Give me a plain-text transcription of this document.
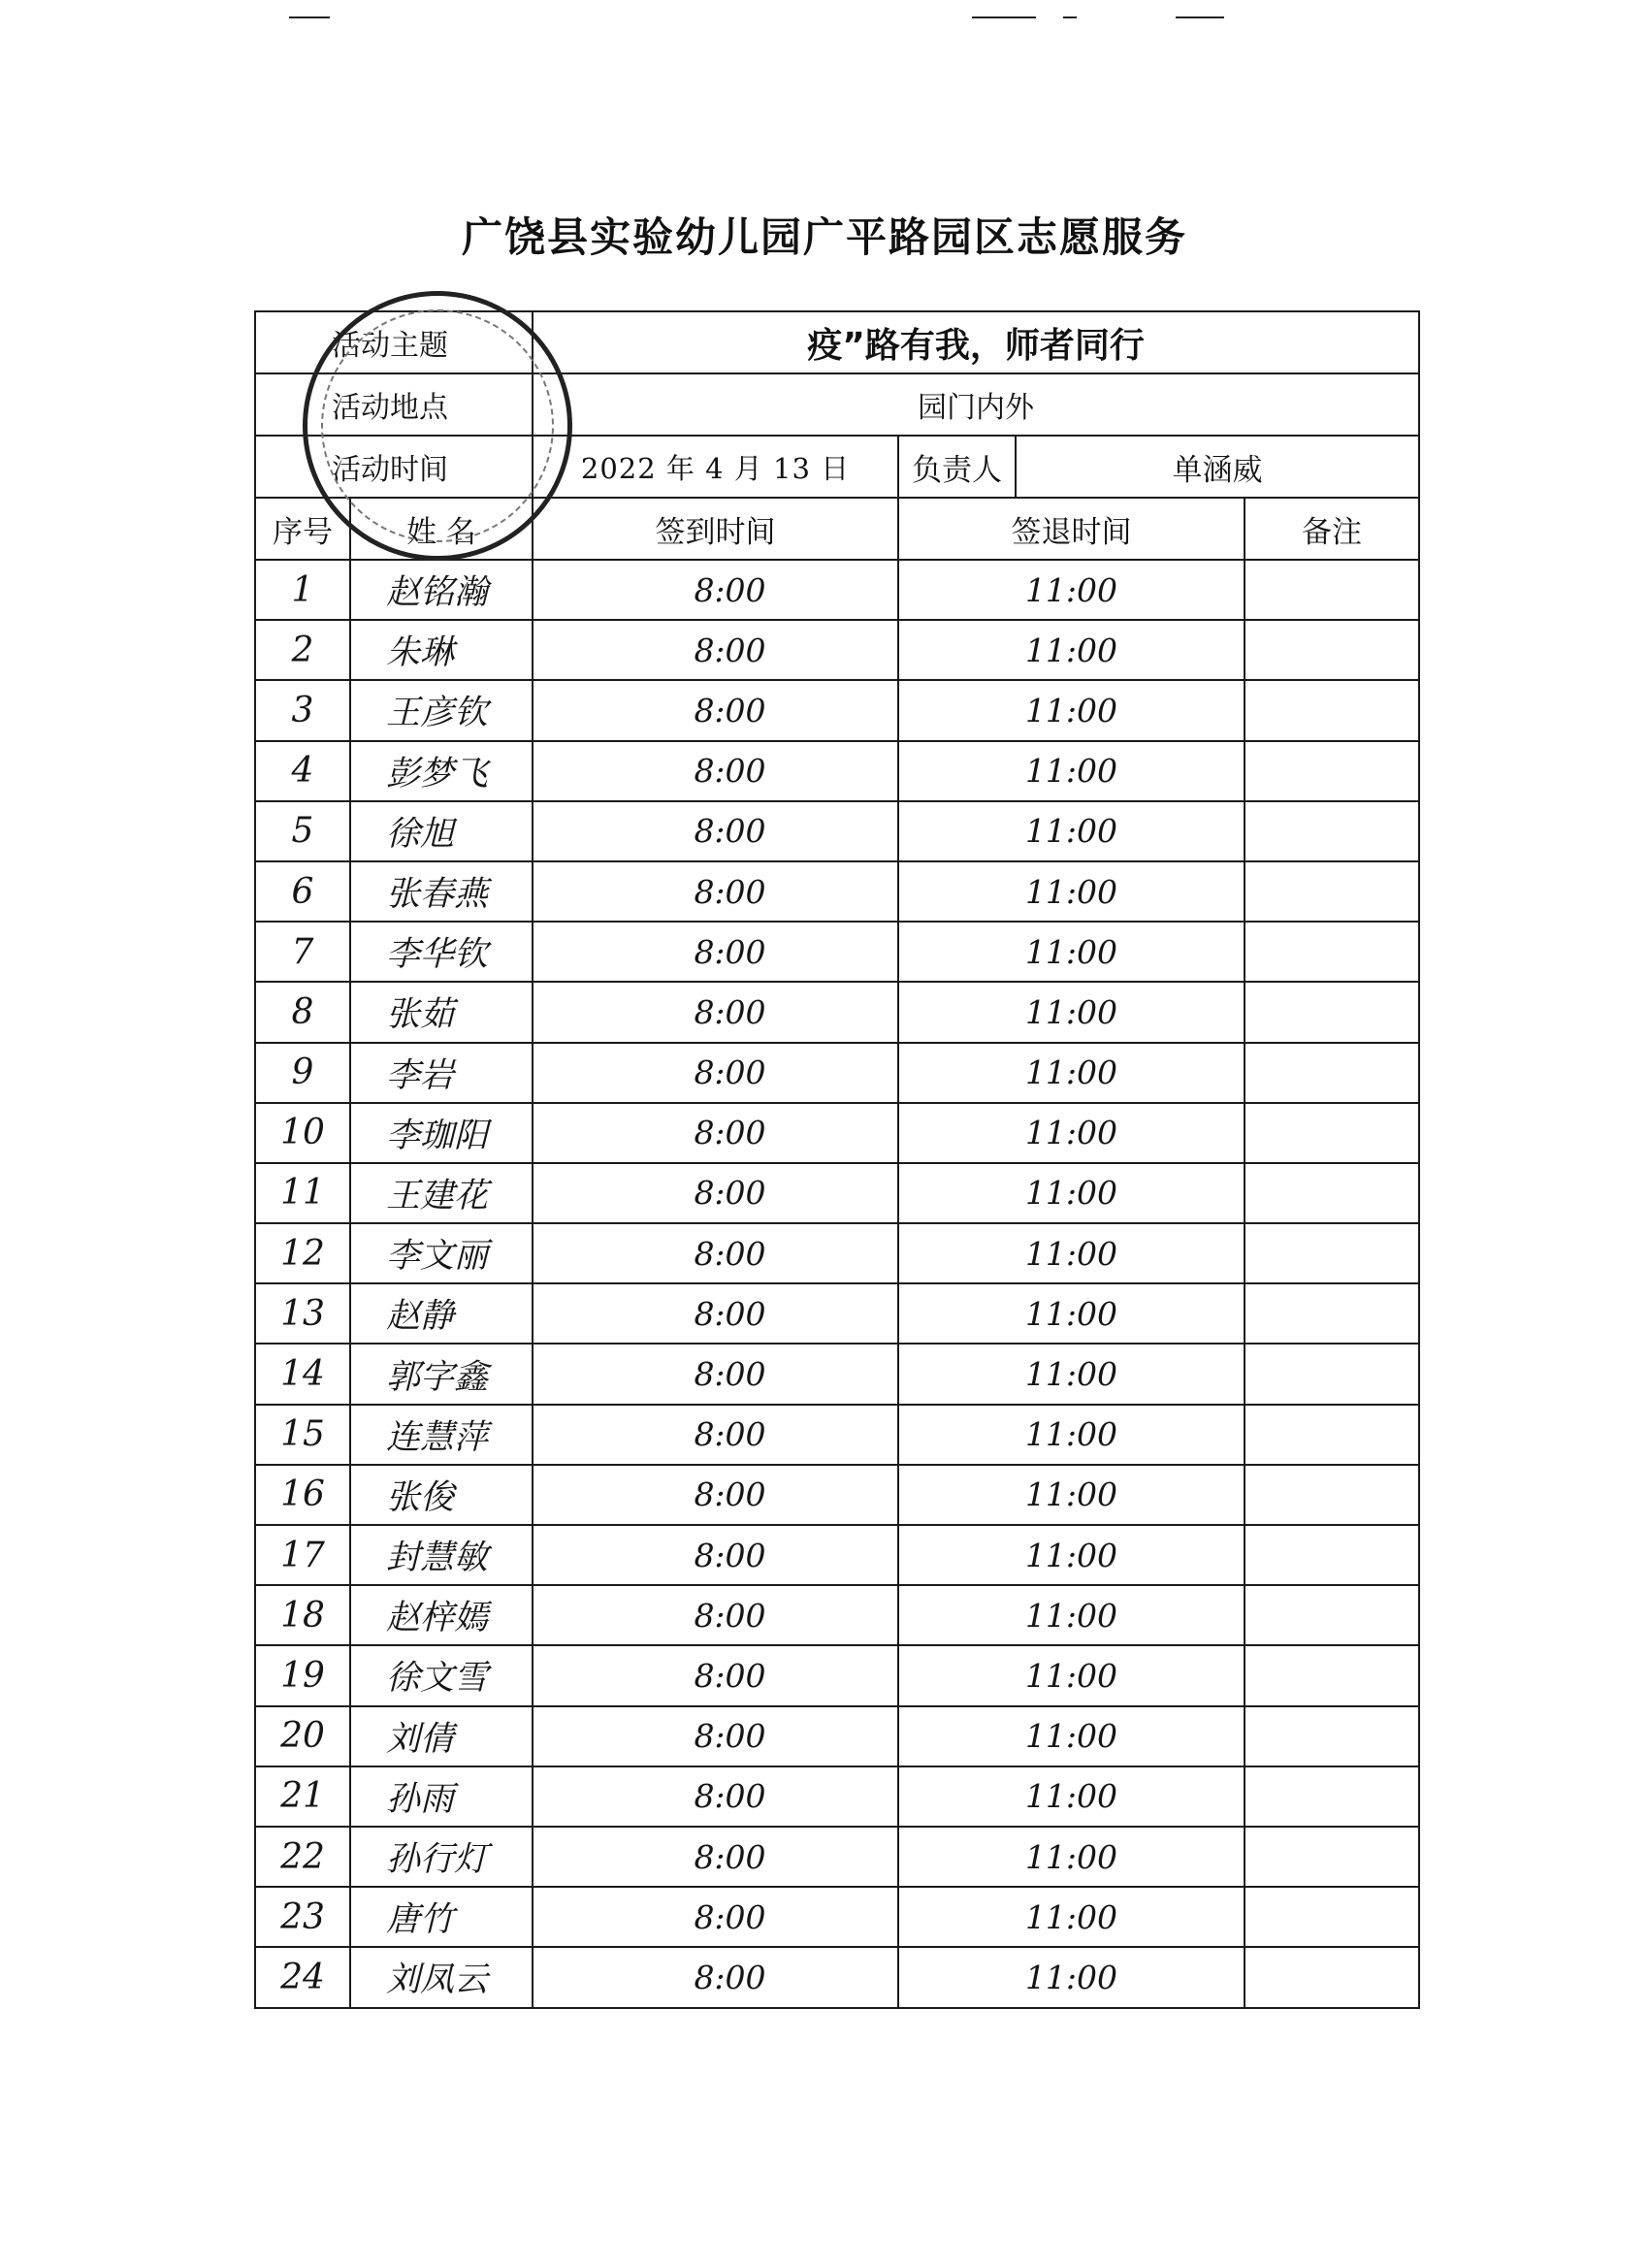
广饶县实验幼儿园广平路园区志愿服务
活动主题		疫”路有我，师者同行			
活动地点		园门内外			
活动时间		2022 年 4 月 13 日	负责人	单涵威	
序号	姓 名	签到时间	签退时间		备注
1	赵铭瀚	8:00	11:00		
2	朱琳	8:00	11:00		
3	王彦钦	8:00	11:00		
4	彭梦飞	8:00	11:00		
5	徐旭	8:00	11:00		
6	张春燕	8:00	11:00		
7	李华钦	8:00	11:00		
8	张茹	8:00	11:00		
9	李岩	8:00	11:00		
10	李珈阳	8:00	11:00		
11	王建花	8:00	11:00		
12	李文丽	8:00	11:00		
13	赵静	8:00	11:00		
14	郭字鑫	8:00	11:00		
15	连慧萍	8:00	11:00		
16	张俊	8:00	11:00		
17	封慧敏	8:00	11:00		
18	赵梓嫣	8:00	11:00		
19	徐文雪	8:00	11:00		
20	刘倩	8:00	11:00		
21	孙雨	8:00	11:00		
22	孙行灯	8:00	11:00		
23	唐竹	8:00	11:00		
24	刘凤云	8:00	11:00		
